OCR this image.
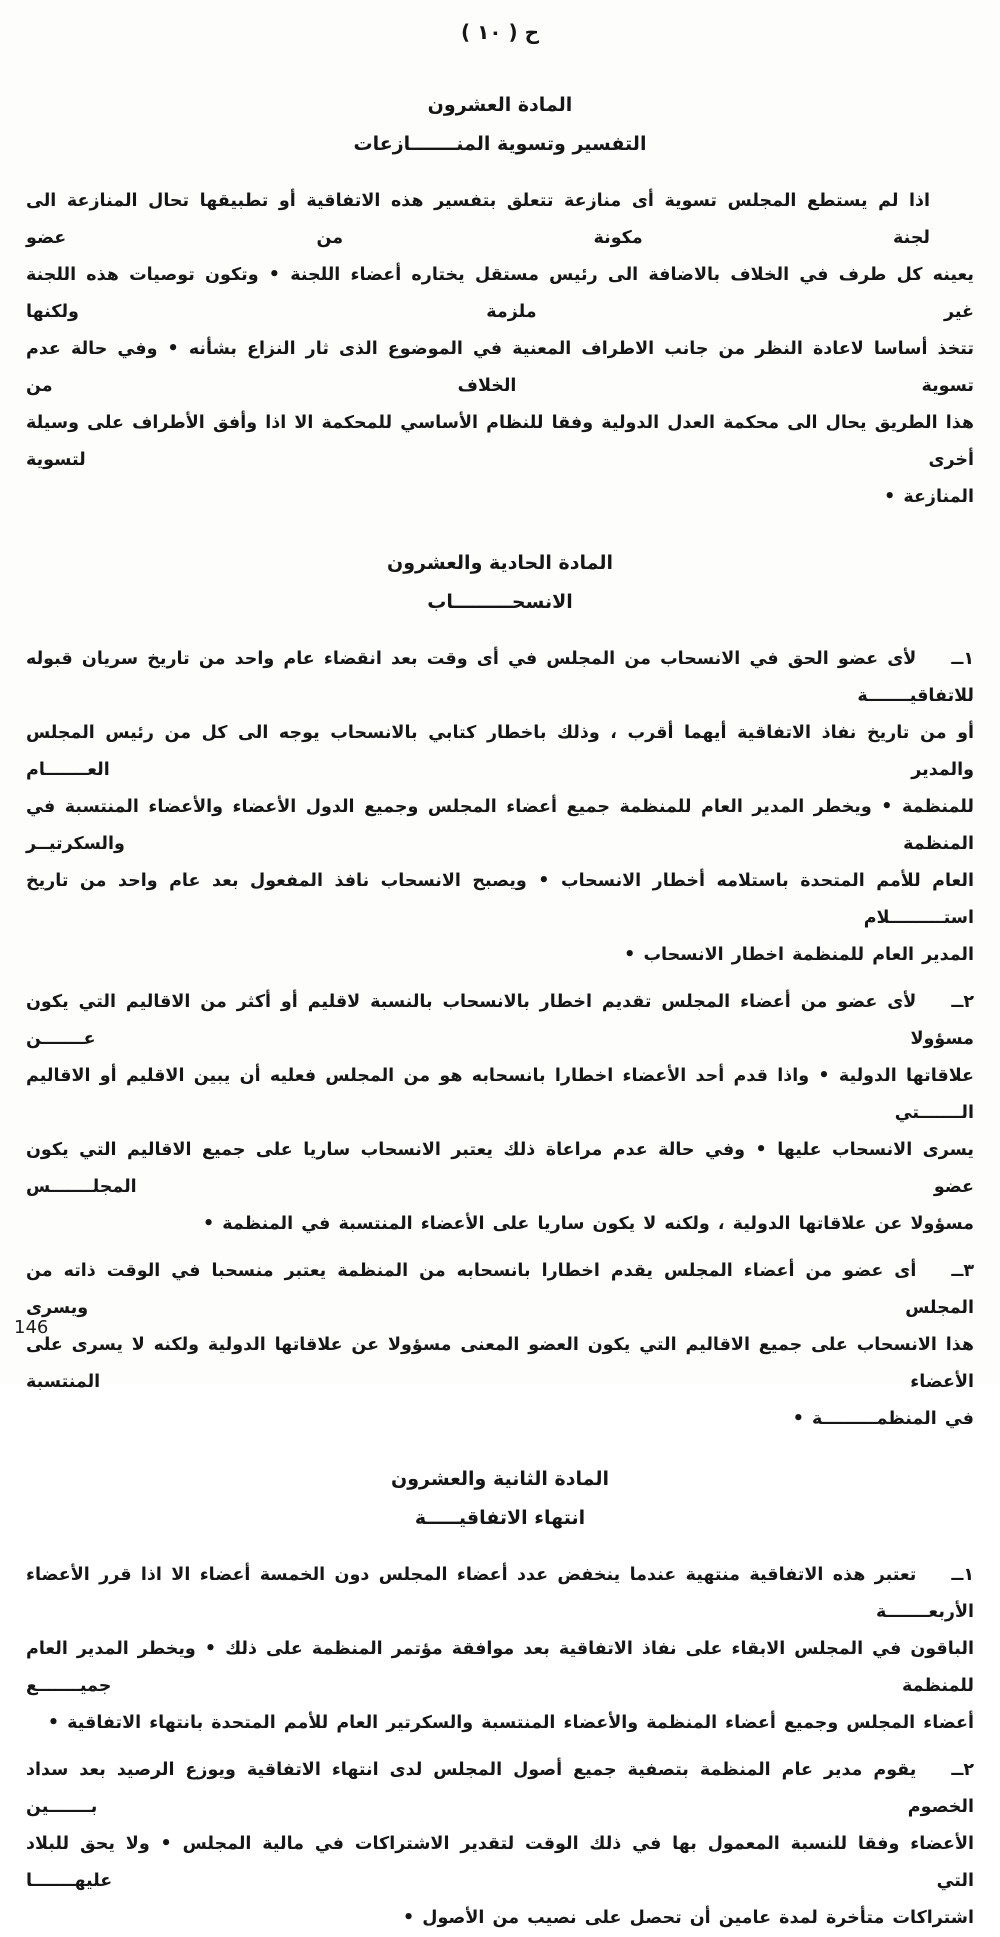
ح ( ١٠ )
المادة العشرون
التفسير وتسوية المنـــــــازعات
اذا لم يستطع المجلس تسوية أى منازعة تتعلق بتفسير هذه الاتفاقية أو تطبيقها تحال المنازعة الى لجنة مكونة من عضو
يعينه كل طرف في الخلاف بالاضافة الى رئيس مستقل يختاره أعضاء اللجنة • وتكون توصيات هذه اللجنة غير ملزمة ولكنها
تتخذ أساسا لاعادة النظر من جانب الاطراف المعنية في الموضوع الذى ثار النزاع بشأنه • وفي حالة عدم تسوية الخلاف من
هذا الطريق يحال الى محكمة العدل الدولية وفقا للنظام الأساسي للمحكمة الا اذا وأفق الأطراف على وسيلة أخرى لتسوية
المنازعة •
المادة الحادية والعشرون
الانسحـــــــــاب
١ــ  لأى عضو الحق في الانسحاب من المجلس في أى وقت بعد انقضاء عام واحد من تاريخ سريان قبوله للاتفاقيـــــــة
أو من تاريخ نفاذ الاتفاقية أيهما أقرب ، وذلك باخطار كتابي بالانسحاب يوجه الى كل من رئيس المجلس والمدير العـــــــام
للمنظمة • ويخطر المدير العام للمنظمة جميع أعضاء المجلس وجميع الدول الأعضاء والأعضاء المنتسبة في المنظمة والسكرتيــر
العام للأمم المتحدة باستلامه أخطار الانسحاب • ويصبح الانسحاب نافذ المفعول بعد عام واحد من تاريخ استـــــــــلام
المدير العام للمنظمة اخطار الانسحاب •
٢ــ  لأى عضو من أعضاء المجلس تقديم اخطار بالانسحاب بالنسبة لاقليم أو أكثر من الاقاليم التي يكون مسؤولا عـــــــن
علاقاتها الدولية • واذا قدم أحد الأعضاء اخطارا بانسحابه هو من المجلس فعليه أن يبين الاقليم أو الاقاليم الـــــــتي
يسرى الانسحاب عليها • وفي حالة عدم مراعاة ذلك يعتبر الانسحاب ساريا على جميع الاقاليم التي يكون عضو المجلـــــــس
مسؤولا عن علاقاتها الدولية ، ولكنه لا يكون ساريا على الأعضاء المنتسبة في المنظمة •
٣ــ  أى عضو من أعضاء المجلس يقدم اخطارا بانسحابه من المنظمة يعتبر منسحبا في الوقت ذاته من المجلس ويسرى
هذا الانسحاب على جميع الاقاليم التي يكون العضو المعنى مسؤولا عن علاقاتها الدولية ولكنه لا يسرى على الأعضاء المنتسبة
في المنظمـــــــــة •
المادة الثانية والعشرون
انتهاء الاتفاقيـــــة
١ــ  تعتبر هذه الاتفاقية منتهية عندما ينخفض عدد أعضاء المجلس دون الخمسة أعضاء الا اذا قرر الأعضاء الأربعـــــــة
الباقون في المجلس الابقاء على نفاذ الاتفاقية بعد موافقة مؤتمر المنظمة على ذلك • ويخطر المدير العام للمنظمة جميـــــــع
أعضاء المجلس وجميع أعضاء المنظمة والأعضاء المنتسبة والسكرتير العام للأمم المتحدة بانتهاء الاتفاقية •
٢ــ  يقوم مدير عام المنظمة بتصفية جميع أصول المجلس لدى انتهاء الاتفاقية ويوزع الرصيد بعد سداد الخصوم بـــــــين
الأعضاء وفقا للنسبة المعمول بها في ذلك الوقت لتقدير الاشتراكات في مالية المجلس • ولا يحق للبلاد التي عليهـــــــا
اشتراكات متأخرة لمدة عامين أن تحصل على نصيب من الأصول •
146
